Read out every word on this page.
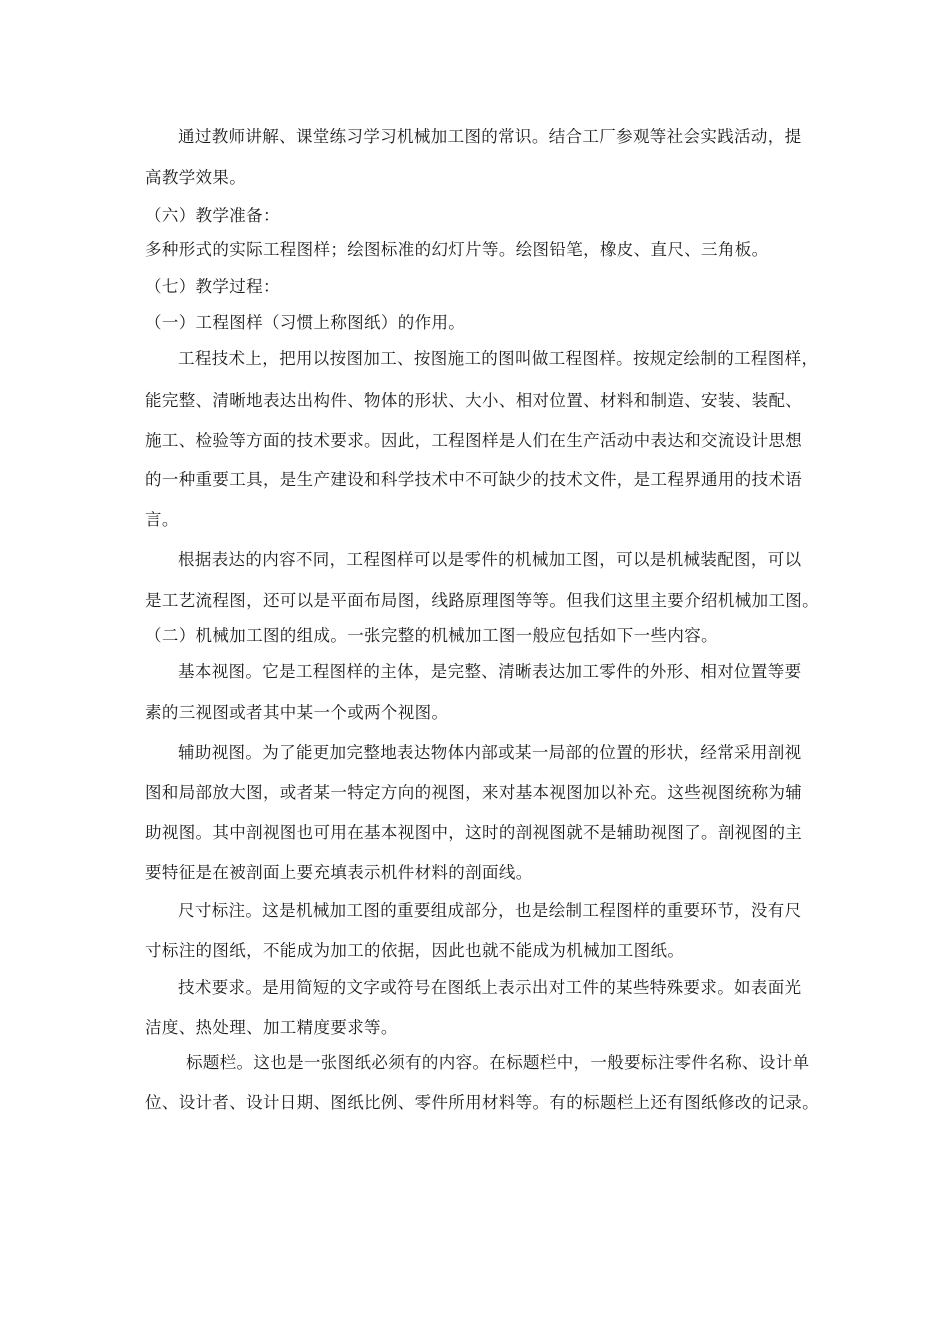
通过教师讲解、课堂练习学习机械加工图的常识。结合工厂参观等社会实践活动，提
高教学效果。
（六）教学准备：
多种形式的实际工程图样；绘图标准的幻灯片等。绘图铅笔，橡皮、直尺、三角板。
（七）教学过程：
（一）工程图样（习惯上称图纸）的作用。
工程技术上，把用以按图加工、按图施工的图叫做工程图样。按规定绘制的工程图样，
能完整、清晰地表达出构件、物体的形状、大小、相对位置、材料和制造、安装、装配、
施工、检验等方面的技术要求。因此，工程图样是人们在生产活动中表达和交流设计思想
的一种重要工具，是生产建设和科学技术中不可缺少的技术文件，是工程界通用的技术语
言。
根据表达的内容不同，工程图样可以是零件的机械加工图，可以是机械装配图，可以
是工艺流程图，还可以是平面布局图，线路原理图等等。但我们这里主要介绍机械加工图。
（二）机械加工图的组成。一张完整的机械加工图一般应包括如下一些内容。
基本视图。它是工程图样的主体，是完整、清晰表达加工零件的外形、相对位置等要
素的三视图或者其中某一个或两个视图。
辅助视图。为了能更加完整地表达物体内部或某一局部的位置的形状，经常采用剖视
图和局部放大图，或者某一特定方向的视图，来对基本视图加以补充。这些视图统称为辅
助视图。其中剖视图也可用在基本视图中，这时的剖视图就不是辅助视图了。剖视图的主
要特征是在被剖面上要充填表示机件材料的剖面线。
尺寸标注。这是机械加工图的重要组成部分，也是绘制工程图样的重要环节，没有尺
寸标注的图纸，不能成为加工的依据，因此也就不能成为机械加工图纸。
技术要求。是用简短的文字或符号在图纸上表示出对工件的某些特殊要求。如表面光
洁度、热处理、加工精度要求等。
标题栏。这也是一张图纸必须有的内容。在标题栏中，一般要标注零件名称、设计单
位、设计者、设计日期、图纸比例、零件所用材料等。有的标题栏上还有图纸修改的记录。
